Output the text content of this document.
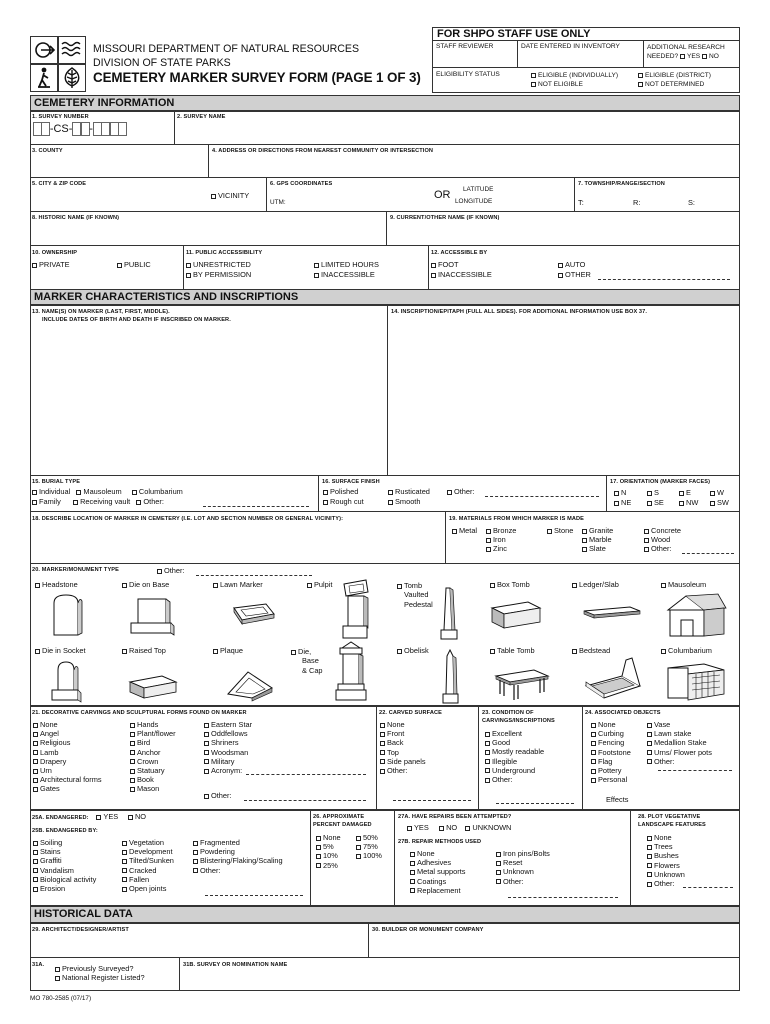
MISSOURI DEPARTMENT OF NATURAL RESOURCES
DIVISION OF STATE PARKS
CEMETERY MARKER SURVEY FORM (PAGE 1 OF 3)
FOR SHPO STAFF USE ONLY
STAFF REVIEWER	DATE ENTERED IN INVENTORY	ADDITIONAL RESEARCH NEEDED? YES NO
ELIGIBILITY STATUS	ELIGIBLE (INDIVIDUALLY)
NOT ELIGIBLE
ELIGIBLE (DISTRICT)
NOT DETERMINED
CEMETERY INFORMATION
1. SURVEY NUMBER
-CS- -
2. SURVEY NAME
3. COUNTY	4. ADDRESS OR DIRECTIONS FROM NEAREST COMMUNITY OR INTERSECTION
5. CITY & ZIP CODE
VICINITY
6. GPS COORDINATES
UTM:
OR LATITUDE
LONGITUDE
7. TOWNSHIP/RANGE/SECTION
T:	R:	S:
8. HISTORIC NAME (IF KNOWN)	9. CURRENT/OTHER NAME (IF KNOWN)
10. OWNERSHIP
PRIVATE	PUBLIC
11. PUBLIC ACCESSIBILITY
UNRESTRICTED
BY PERMISSION
LIMITED HOURS
INACCESSIBLE
12. ACCESSIBLE BY
FOOT
INACCESSIBLE
AUTO
OTHER
MARKER CHARACTERISTICS AND INSCRIPTIONS
13. NAME(S) ON MARKER (LAST, FIRST, MIDDLE).
INCLUDE DATES OF BIRTH AND DEATH IF INSCRIBED ON MARKER.
14. INSCRIPTION/EPITAPH (FULL ALL SIDES). FOR ADDITIONAL INFORMATION USE BOX 37.
15. BURIAL TYPE
Individual Mausoleum Columbarium
Family	Receiving vault Other:
16. SURFACE FINISH
Polished
Rough cut
Rusticated
Smooth
Other:
17. ORIENTATION (MARKER FACES)
N	S	E	W
NE	SE	NW	SW
18. DESCRIBE LOCATION OF MARKER IN CEMETERY (I.E. LOT AND SECTION NUMBER OR GENERAL VICINITY):	19. MATERIALS FROM WHICH MARKER IS MADE
Metal	Bronze
Iron
Zinc
Stone	Granite
Marble
Slate
Concrete
Wood
Other:
20. MARKER/MONUMENT TYPE	Other:
Headstone	Die on Base	Lawn Marker	Pulpit	Tomb
Vaulted
Pedestal
Box Tomb	Ledger/Slab	Mausoleum
Die in Socket	Raised Top	Plaque	Die,
Base
& Cap
Obelisk	Table Tomb	Bedstead	Columbarium
21. DECORATIVE CARVINGS AND SCULPTURAL FORMS FOUND ON MARKER
None
Angel
Religious
Lamb
Drapery
Urn
Architectural forms
Gates
Hands
Plant/flower
Bird
Anchor
Crown
Statuary
Book
Mason
Eastern Star
Oddfellows
Shriners
Woodsman
Military
Acronym:
Other:
22. CARVED SURFACE
None
Front
Back
Top
Side panels
Other:
23. CONDITION OF
CARVINGS/INSCRIPTIONS
Excellent
Good
Mostly readable
Illegible
Underground
Other:
24. ASSOCIATED OBJECTS
None
Curbing
Fencing
Footstone
Flag
Pottery
Personal
Effects
Vase
Lawn stake
Medallion Stake
Urns/ Flower pots
Other:
25A. ENDANGERED: YES NO
25B. ENDANGERED BY:
Soiling
Stains
Graffiti
Vandalism
Biological activity
Erosion
Vegetation
Development
Tilted/Sunken
Cracked
Fallen
Open joints
Fragmented
Powdering
Blistering/Flaking/Scaling
Other:
26. APPROXIMATE
PERCENT DAMAGED
None
5%
10%
25%
50%
75%
100%
27A. HAVE REPAIRS BEEN ATTEMPTED?
YES NO UNKNOWN
27B. REPAIR METHODS USED
None
Adhesives
Metal supports
Coatings
Replacement
Iron pins/Bolts
Reset
Unknown
Other:
28. PLOT VEGETATIVE
LANDSCAPE FEATURES
None
Trees
Bushes
Flowers
Unknown
Other:
HISTORICAL DATA
29. ARCHITECT/DESIGNER/ARTIST	30. BUILDER OR MONUMENT COMPANY
31A.	Previously Surveyed?
National Register Listed?
31B. SURVEY OR NOMINATION NAME
MO 780-2585 (07/17)
